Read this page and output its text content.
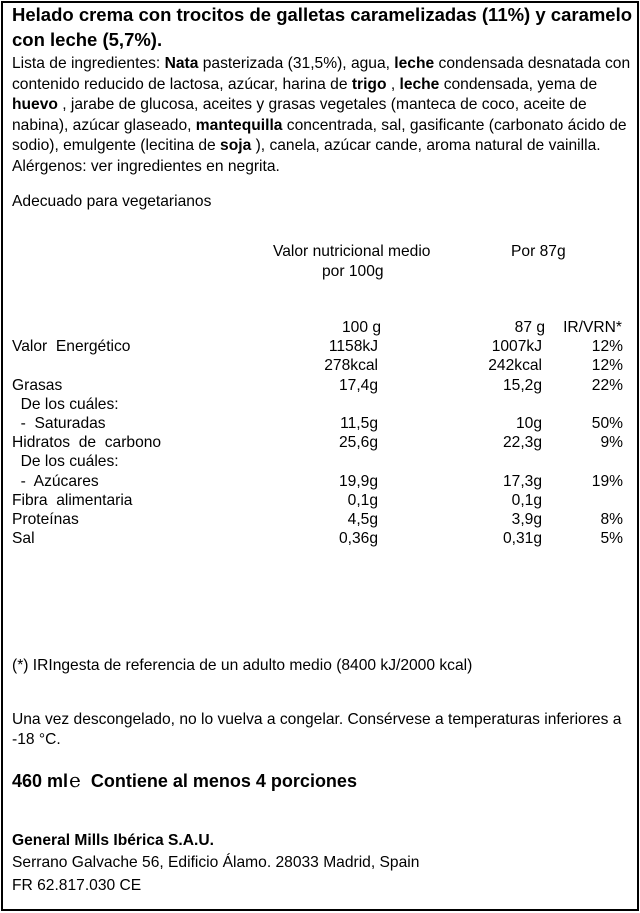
Helado crema con trocitos de galletas caramelizadas (11%) y caramelo con leche (5,7%).
Lista de ingredientes: Nata pasterizada (31,5%), agua, leche condensada desnatada con contenido reducido de lactosa, azúcar, harina de trigo , leche condensada, yema de huevo , jarabe de glucosa, aceites y grasas vegetales (manteca de coco, aceite de nabina), azúcar glaseado, mantequilla concentrada, sal, gasificante (carbonato ácido de sodio), emulgente (lecitina de soja ), canela, azúcar cande, aroma natural de vainilla. Alérgenos: ver ingredientes en negrita.
Adecuado para vegetarianos
Valor nutricional medio
por 100g
Por 87g
100 g	87 g	IR/VRN*
Valor  Energético	1158kJ	1007kJ	12%
278kcal	242kcal	12%
Grasas	17,4g	15,2g	22%
De los cuáles:
-  Saturadas	11,5g	10g	50%
Hidratos  de  carbono	25,6g	22,3g	9%
De los cuáles:
-  Azúcares	19,9g	17,3g	19%
Fibra  alimentaria	0,1g	0,1g
Proteínas	4,5g	3,9g	8%
Sal	0,36g	0,31g	5%
(*) IRIngesta de referencia de un adulto medio (8400 kJ/2000 kcal)
Una vez descongelado, no lo vuelva a congelar. Consérvese a temperaturas inferiores a -18 °C.
460 mle Contiene al menos 4 porciones
General Mills Ibérica S.A.U.
Serrano Galvache 56, Edificio Álamo. 28033 Madrid, Spain
FR 62.817.030 CE
